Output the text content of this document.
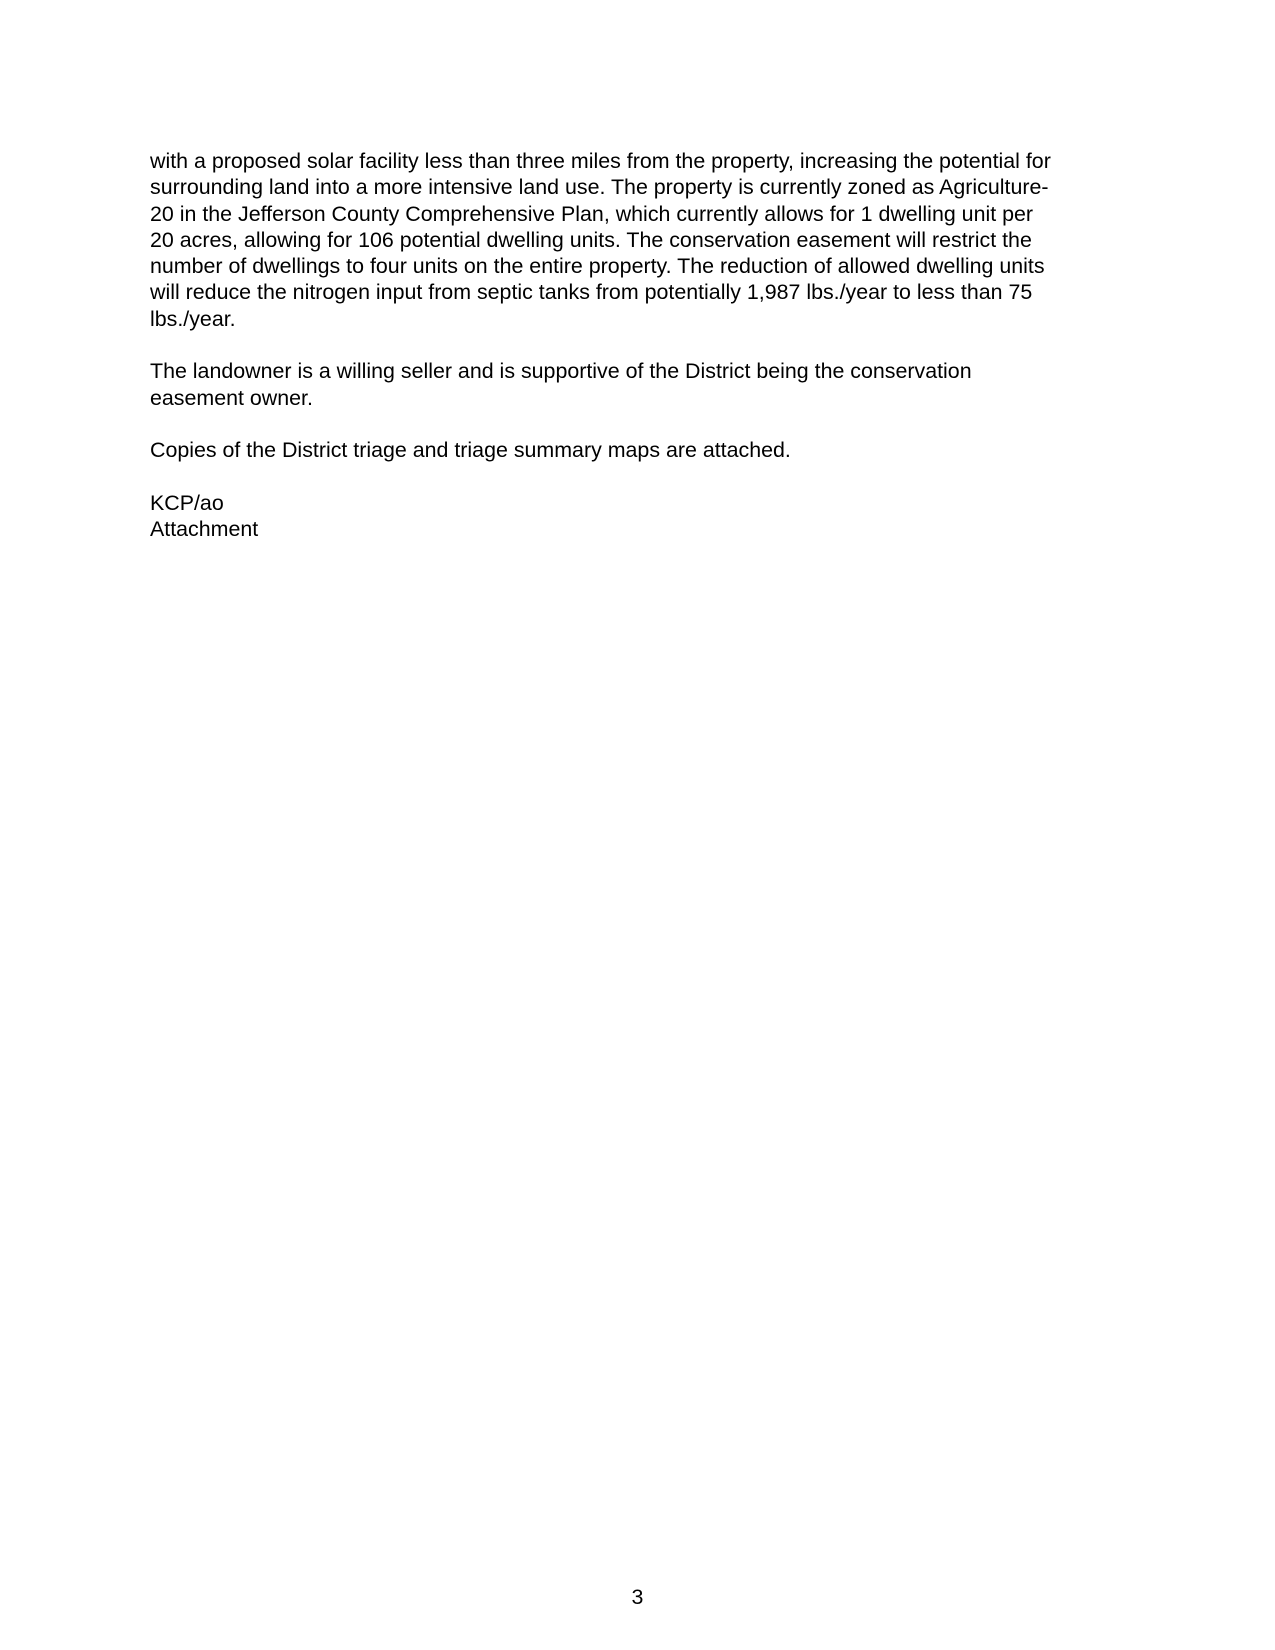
with a proposed solar facility less than three miles from the property, increasing the potential for
surrounding land into a more intensive land use. The property is currently zoned as Agriculture-
20 in the Jefferson County Comprehensive Plan, which currently allows for 1 dwelling unit per
20 acres, allowing for 106 potential dwelling units. The conservation easement will restrict the
number of dwellings to four units on the entire property. The reduction of allowed dwelling units
will reduce the nitrogen input from septic tanks from potentially 1,987 lbs./year to less than 75
lbs./year.

The landowner is a willing seller and is supportive of the District being the conservation
easement owner.

Copies of the District triage and triage summary maps are attached.

KCP/ao
Attachment

3
